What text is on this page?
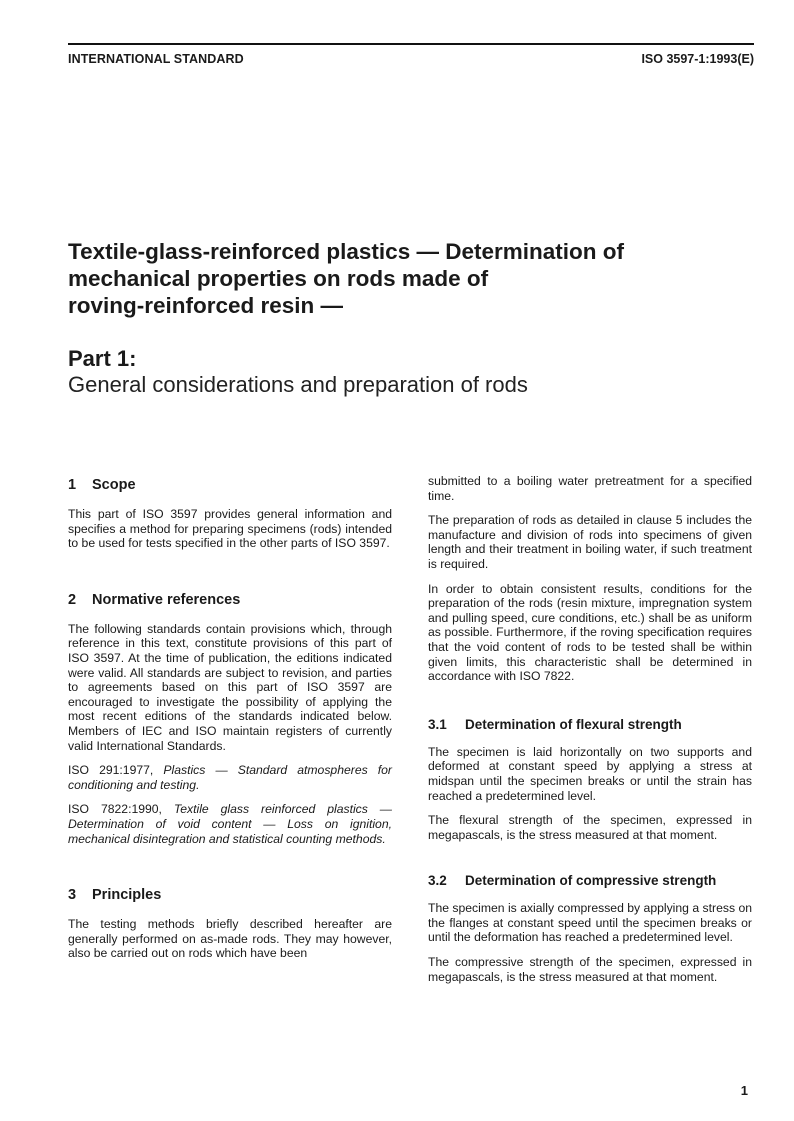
INTERNATIONAL STANDARD	ISO 3597-1:1993(E)
Textile-glass-reinforced plastics — Determination of
mechanical properties on rods made of
roving-reinforced resin —
Part 1:
General considerations and preparation of rods
1 Scope

This part of ISO 3597 provides general information and specifies a method for preparing specimens (rods) intended to be used for tests specified in the other parts of ISO 3597.

2 Normative references

The following standards contain provisions which, through reference in this text, constitute provisions of this part of ISO 3597. At the time of publication, the editions indicated were valid. All standards are subject to revision, and parties to agreements based on this part of ISO 3597 are encouraged to investigate the possibility of applying the most recent editions of the standards indicated below. Members of IEC and ISO maintain registers of currently valid International Standards.

ISO 291:1977, Plastics — Standard atmospheres for conditioning and testing.

ISO 7822:1990, Textile glass reinforced plastics — Determination of void content — Loss on ignition, mechanical disintegration and statistical counting methods.

3 Principles

The testing methods briefly described hereafter are generally performed on as-made rods. They may however, also be carried out on rods which have been

submitted to a boiling water pretreatment for a specified time.

The preparation of rods as detailed in clause 5 includes the manufacture and division of rods into specimens of given length and their treatment in boiling water, if such treatment is required.

In order to obtain consistent results, conditions for the preparation of the rods (resin mixture, impregnation system and pulling speed, cure conditions, etc.) shall be as uniform as possible. Furthermore, if the roving specification requires that the void content of rods to be tested shall be within given limits, this characteristic shall be determined in accordance with ISO 7822.

3.1 Determination of flexural strength

The specimen is laid horizontally on two supports and deformed at constant speed by applying a stress at midspan until the specimen breaks or until the strain has reached a predetermined level.

The flexural strength of the specimen, expressed in megapascals, is the stress measured at that moment.

3.2 Determination of compressive strength

The specimen is axially compressed by applying a stress on the flanges at constant speed until the specimen breaks or until the deformation has reached a predetermined level.

The compressive strength of the specimen, expressed in megapascals, is the stress measured at that moment.

1
